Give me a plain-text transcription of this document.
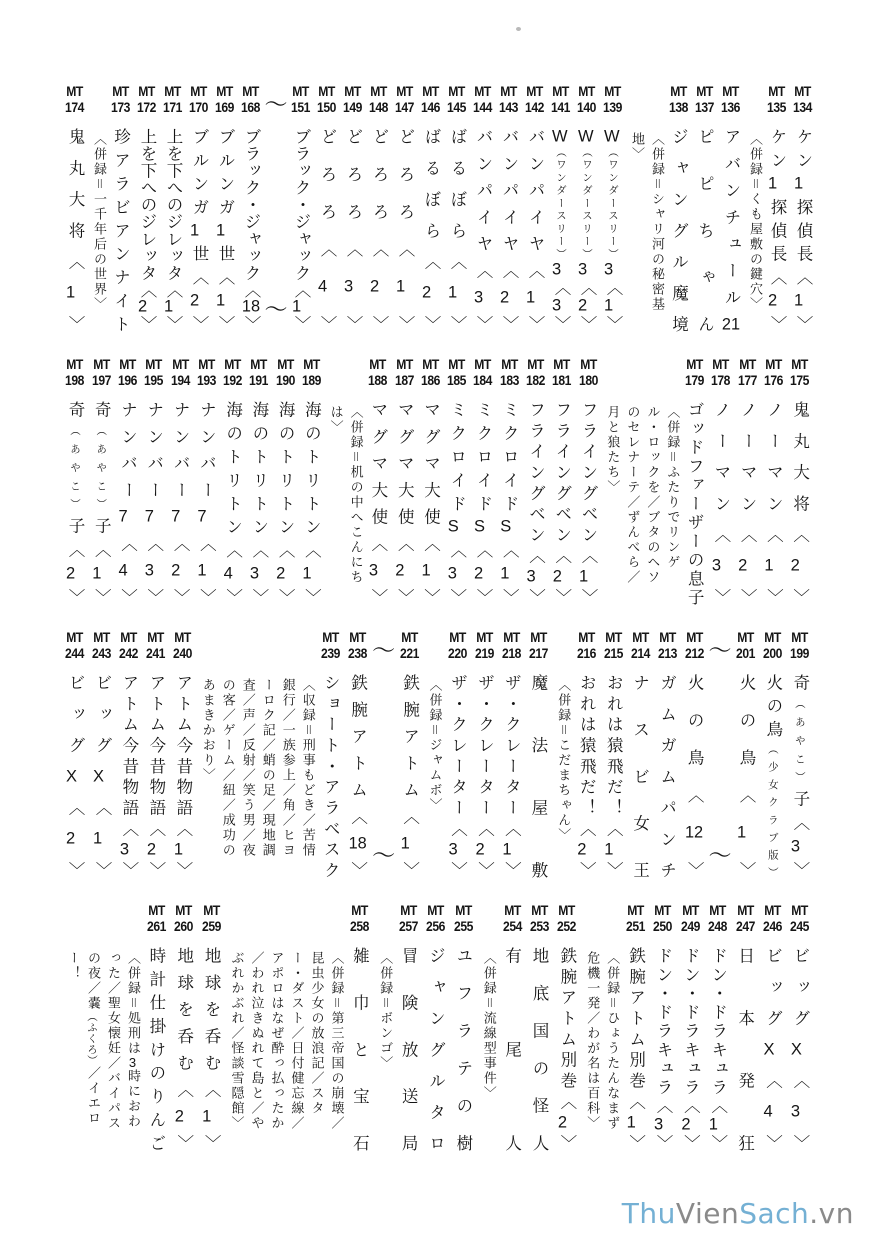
MT
174
鬼丸大将〈1〉
〈併録＝一千年后の世界〉
MT
173
珍アラビアンナイト
MT
172
上を下へのジレッタ〈2〉
MT
171
上を下へのジレッタ〈1〉
MT
170
ブルンガ1世〈2〉
MT
169
ブルンガ1世〈1〉
MT
168
ブラック・ジャック〈18〉
〜
〜
MT
151
ブラック・ジャック〈1〉
MT
150
どろろ〈4〉
MT
149
どろろ〈3〉
MT
148
どろろ〈2〉
MT
147
どろろ〈1〉
MT
146
ばるぼら〈2〉
MT
145
ばるぼら〈1〉
MT
144
バンパイヤ〈3〉
MT
143
バンパイヤ〈2〉
MT
142
バンパイヤ〈1〉
MT
141
W（ワンダースリー）3〈3〉
MT
140
W（ワンダースリー）3〈2〉
MT
139
W（ワンダースリー）3〈1〉
〈併録＝シャリ河の秘密基地〉
MT
138
ジャングル魔境
MT
137
ピピちゃん
MT
136
アバンチュール21
〈併録＝くも屋敷の鍵穴〉
MT
135
ケン1探偵長〈2〉
MT
134
ケン1探偵長〈1〉
MT
198
奇（あやこ）子〈2〉
MT
197
奇（あやこ）子〈1〉
MT
196
ナンバー7〈4〉
MT
195
ナンバー7〈3〉
MT
194
ナンバー7〈2〉
MT
193
ナンバー7〈1〉
MT
192
海のトリトン〈4〉
MT
191
海のトリトン〈3〉
MT
190
海のトリトン〈2〉
MT
189
海のトリトン〈1〉
〈併録＝机の中へこんにちは〉
MT
188
マグマ大使〈3〉
MT
187
マグマ大使〈2〉
MT
186
マグマ大使〈1〉
MT
185
ミクロイドS〈3〉
MT
184
ミクロイドS〈2〉
MT
183
ミクロイドS〈1〉
MT
182
フライングベン〈3〉
MT
181
フライングベン〈2〉
MT
180
フライングベン〈1〉
〈併録＝ふたりでリンゲル・ロックを／ブタのヘソのセレナーテ／ずんべら／月と狼たち〉
MT
179
ゴッドファーザーの息子
MT
178
ノーマン〈3〉
MT
177
ノーマン〈2〉
MT
176
ノーマン〈1〉
MT
175
鬼丸大将〈2〉
MT
244
ビッグX〈2〉
MT
243
ビッグX〈1〉
MT
242
アトム今昔物語〈3〉
MT
241
アトム今昔物語〈2〉
MT
240
アトム今昔物語〈1〉
〈収録＝刑事もどき／苦情銀行／一族参上／角／ヒヨーロク記／蛸の足／現地調査／声／反射／笑う男／夜の客／ゲーム／紐／成功のあまきかおり〉
MT
239
ショート・アラベスク
MT
238
鉄腕アトム〈18〉
〜
〜
MT
221
鉄腕アトム〈1〉
〈併録＝ジャムボ〉
MT
220
ザ・クレーター〈3〉
MT
219
ザ・クレーター〈2〉
MT
218
ザ・クレーター〈1〉
MT
217
魔法屋敷 〈併録＝こだまちゃん〉
MT
216
おれは猿飛だ！〈2〉
MT
215
おれは猿飛だ！〈1〉
MT
214
ナスビ女王
MT
213
ガムガムパンチ
MT
212
火の鳥〈12〉
〜
〜
MT
201
火の鳥〈1〉
MT
200
火の鳥（少女クラブ版）
MT
199
奇（あやこ）子〈3〉
〈併録＝処刑は3時におわった／聖女懐妊／バイパスの夜／嚢（ふくろ）／イエロー！
MT
261
時計仕掛けのりんご
MT
260
地球を呑む〈2〉
MT
259
地球を呑む〈1〉
〈併録＝第三帝国の崩壊／昆虫少女の放浪記／スター・ダスト／日付健忘線／アポロはなぜ酔っ払ったか／われ泣きぬれて島と／やぶれかぶれ／怪談雪隠館〉
MT
258
雑巾と宝石 〈併録＝ボンゴ〉
MT
257
冒険放送局
MT
256
ジャングルタロ
MT
255
ユフラテの樹 〈併録＝流線型事件〉
MT
254
有尾人
MT
253
地底国の怪人
MT
252
鉄腕アトム別巻〈2〉
〈併録＝ひょうたんなまず危機一発／わが名は百科〉
MT
251
鉄腕アトム別巻〈1〉
MT
250
ドン・ドラキュラ〈3〉
MT
249
ドン・ドラキュラ〈2〉
MT
248
ドン・ドラキュラ〈1〉
MT
247
日本発狂
MT
246
ビッグX〈4〉
MT
245
ビッグX〈3〉
ThuVienSach.vn
